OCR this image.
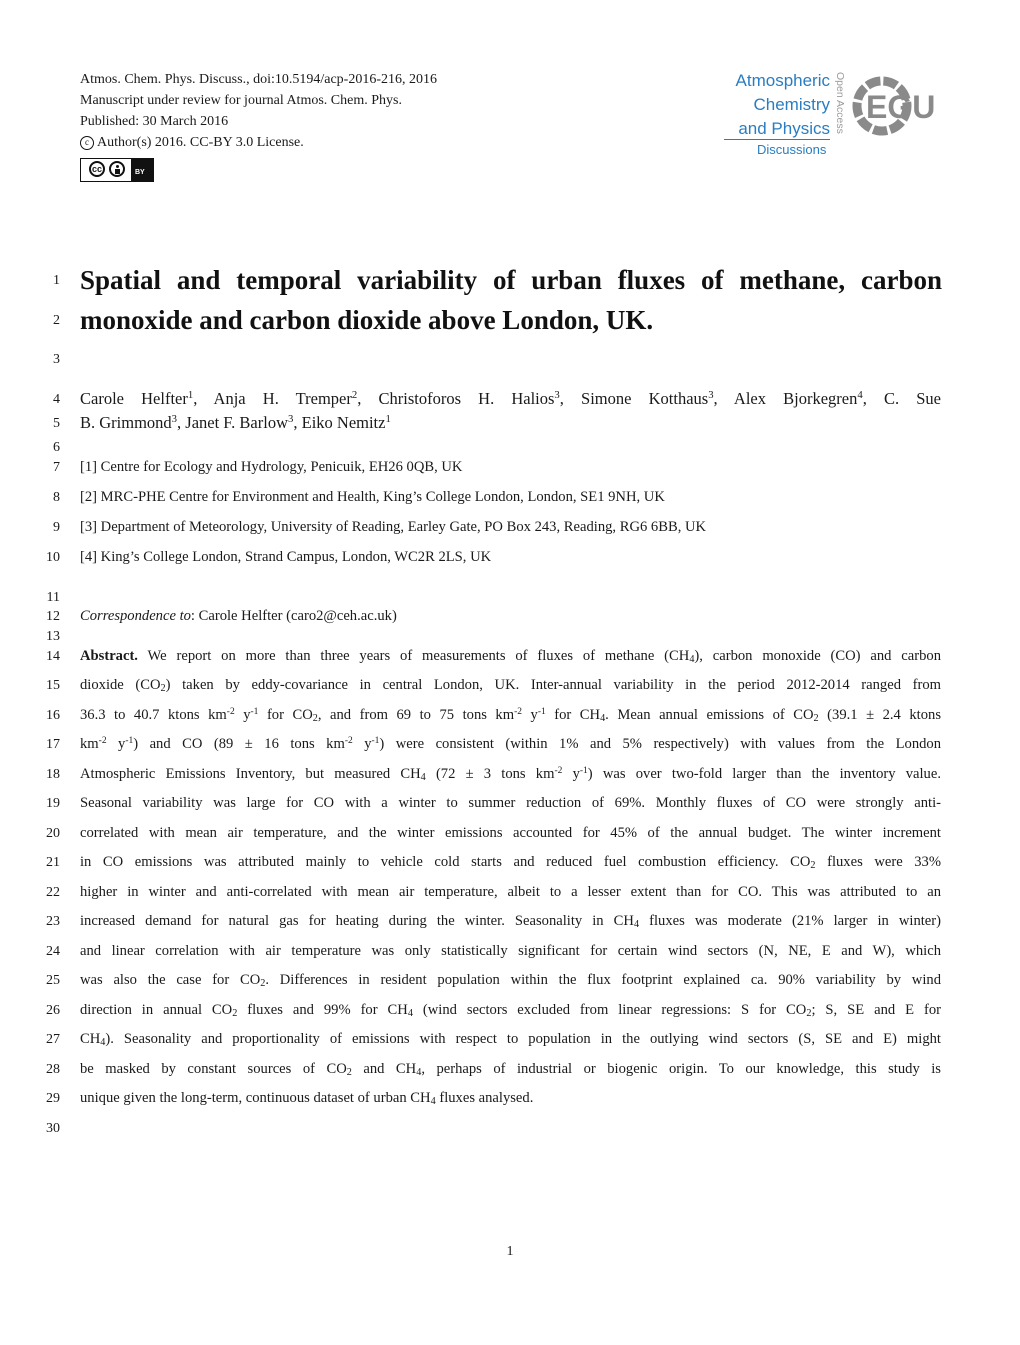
Atmos. Chem. Phys. Discuss., doi:10.5194/acp-2016-216, 2016
Manuscript under review for journal Atmos. Chem. Phys.
Published: 30 March 2016
c Author(s) 2016. CC-BY 3.0 License.
cc	BY
Atmospheric
Chemistry
and Physics
Discussions
Open Access EGU
1
2
3
4
5
6
7
8
9
10
11
12
13
14
15
16
17
18
19
20
21
22
23
24
25
26
27
28
29
30
Spatial and temporal variability of urban fluxes of methane, carbon
monoxide and carbon dioxide above London, UK.
Carole Helfter$^1$, Anja H. Tremper$^2$, Christoforos H. Halios$^3$, Simone Kotthaus$^3$, Alex Bjorkegren$^4$, C. Sue
B. Grimmond$^3$, Janet F. Barlow$^3$, Eiko Nemitz$^1$
[1] Centre for Ecology and Hydrology, Penicuik, EH26 0QB, UK
[2] MRC-PHE Centre for Environment and Health, King’s College London, London, SE1 9NH, UK
[3] Department of Meteorology, University of Reading, Earley Gate, PO Box 243, Reading, RG6 6BB, UK
[4] King’s College London, Strand Campus, London, WC2R 2LS, UK
Correspondence to: Carole Helfter (caro2@ceh.ac.uk)
Abstract. We report on more than three years of measurements of fluxes of methane $(CH_4)$, carbon monoxide (CO) and carbon
dioxide $(CO_2)$ taken by eddy-covariance in central London, UK. Inter-annual variability in the period 2012-2014 ranged from
36.3 to 40.7 ktons $km^{-2}$ $y^{-1}$ for $CO_2$, and from 69 to 75 tons $km^{-2}$ $y^{-1}$ for $CH_4$. Mean annual emissions of $CO_2$ (39.1 ± 2.4 ktons
$km^{-2}$ $y^{-1}$) and CO (89 ± 16 tons $km^{-2}$ $y^{-1}$) were consistent (within 1% and 5% respectively) with values from the London
Atmospheric Emissions Inventory, but measured $CH_4$ (72 ± 3 tons $km^{-2}$ $y^{-1}$) was over two-fold larger than the inventory value.
Seasonal variability was large for CO with a winter to summer reduction of 69%. Monthly fluxes of CO were strongly anti-
correlated with mean air temperature, and the winter emissions accounted for 45% of the annual budget. The winter increment
in CO emissions was attributed mainly to vehicle cold starts and reduced fuel combustion efficiency. $CO_2$ fluxes were 33%
higher in winter and anti-correlated with mean air temperature, albeit to a lesser extent than for CO. This was attributed to an
increased demand for natural gas for heating during the winter. Seasonality in $CH_4$ fluxes was moderate (21% larger in winter)
and linear correlation with air temperature was only statistically significant for certain wind sectors (N, NE, E and W), which
was also the case for $CO_2$. Differences in resident population within the flux footprint explained ca. 90% variability by wind
direction in annual $CO_2$ fluxes and 99% for $CH_4$ (wind sectors excluded from linear regressions: S for $CO_2$; S, SE and E for
$CH_4$). Seasonality and proportionality of emissions with respect to population in the outlying wind sectors (S, SE and E) might
be masked by constant sources of $CO_2$ and $CH_4$, perhaps of industrial or biogenic origin. To our knowledge, this study is
unique given the long-term, continuous dataset of urban $CH_4$ fluxes analysed.
1
